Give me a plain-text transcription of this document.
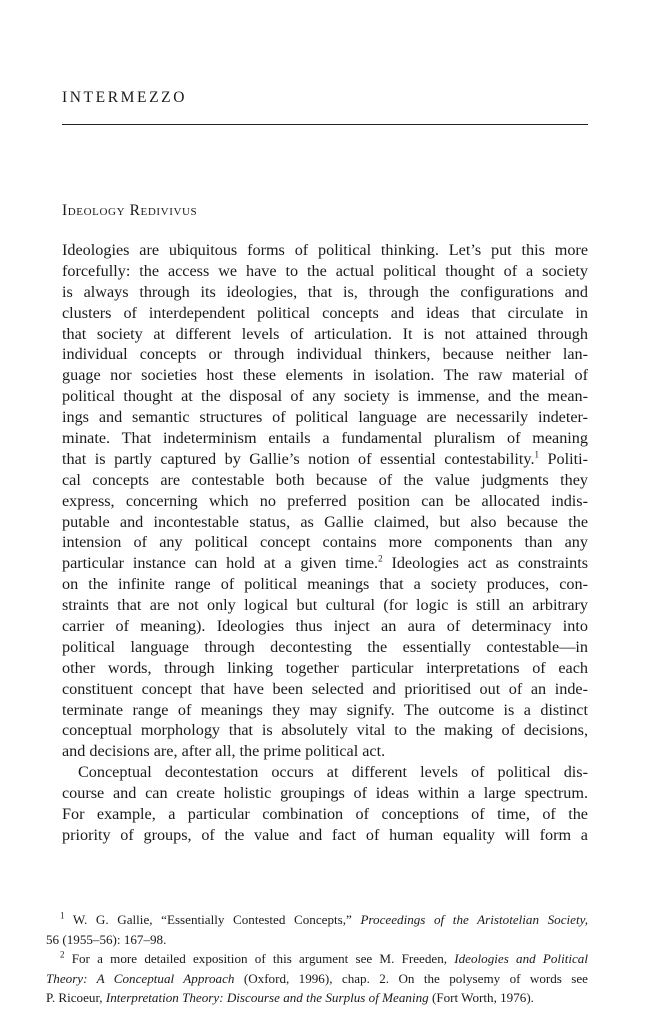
INTERMEZZO
Ideology Redivivus
Ideologies are ubiquitous forms of political thinking. Let’s put this more
forcefully: the access we have to the actual political thought of a society
is always through its ideologies, that is, through the configurations and
clusters of interdependent political concepts and ideas that circulate in
that society at different levels of articulation. It is not attained through
individual concepts or through individual thinkers, because neither lan-
guage nor societies host these elements in isolation. The raw material of
political thought at the disposal of any society is immense, and the mean-
ings and semantic structures of political language are necessarily indeter-
minate. That indeterminism entails a fundamental pluralism of meaning
that is partly captured by Gallie’s notion of essential contestability.$^1$ Politi-
cal concepts are contestable both because of the value judgments they
express, concerning which no preferred position can be allocated indis-
putable and incontestable status, as Gallie claimed, but also because the
intension of any political concept contains more components than any
particular instance can hold at a given time.$^2$ Ideologies act as constraints
on the infinite range of political meanings that a society produces, con-
straints that are not only logical but cultural (for logic is still an arbitrary
carrier of meaning). Ideologies thus inject an aura of determinacy into
political language through decontesting the essentially contestable—in
other words, through linking together particular interpretations of each
constituent concept that have been selected and prioritised out of an inde-
terminate range of meanings they may signify. The outcome is a distinct
conceptual morphology that is absolutely vital to the making of decisions,
and decisions are, after all, the prime political act.
Conceptual decontestation occurs at different levels of political dis-
course and can create holistic groupings of ideas within a large spectrum.
For example, a particular combination of conceptions of time, of the
priority of groups, of the value and fact of human equality will form a
$^1$ W. G. Gallie, “Essentially Contested Concepts,” Proceedings of the Aristotelian Society,
56 (1955–56): 167–98.
$^2$ For a more detailed exposition of this argument see M. Freeden, Ideologies and Political
Theory: A Conceptual Approach (Oxford, 1996), chap. 2. On the polysemy of words see
P. Ricoeur, Interpretation Theory: Discourse and the Surplus of Meaning (Fort Worth, 1976).
